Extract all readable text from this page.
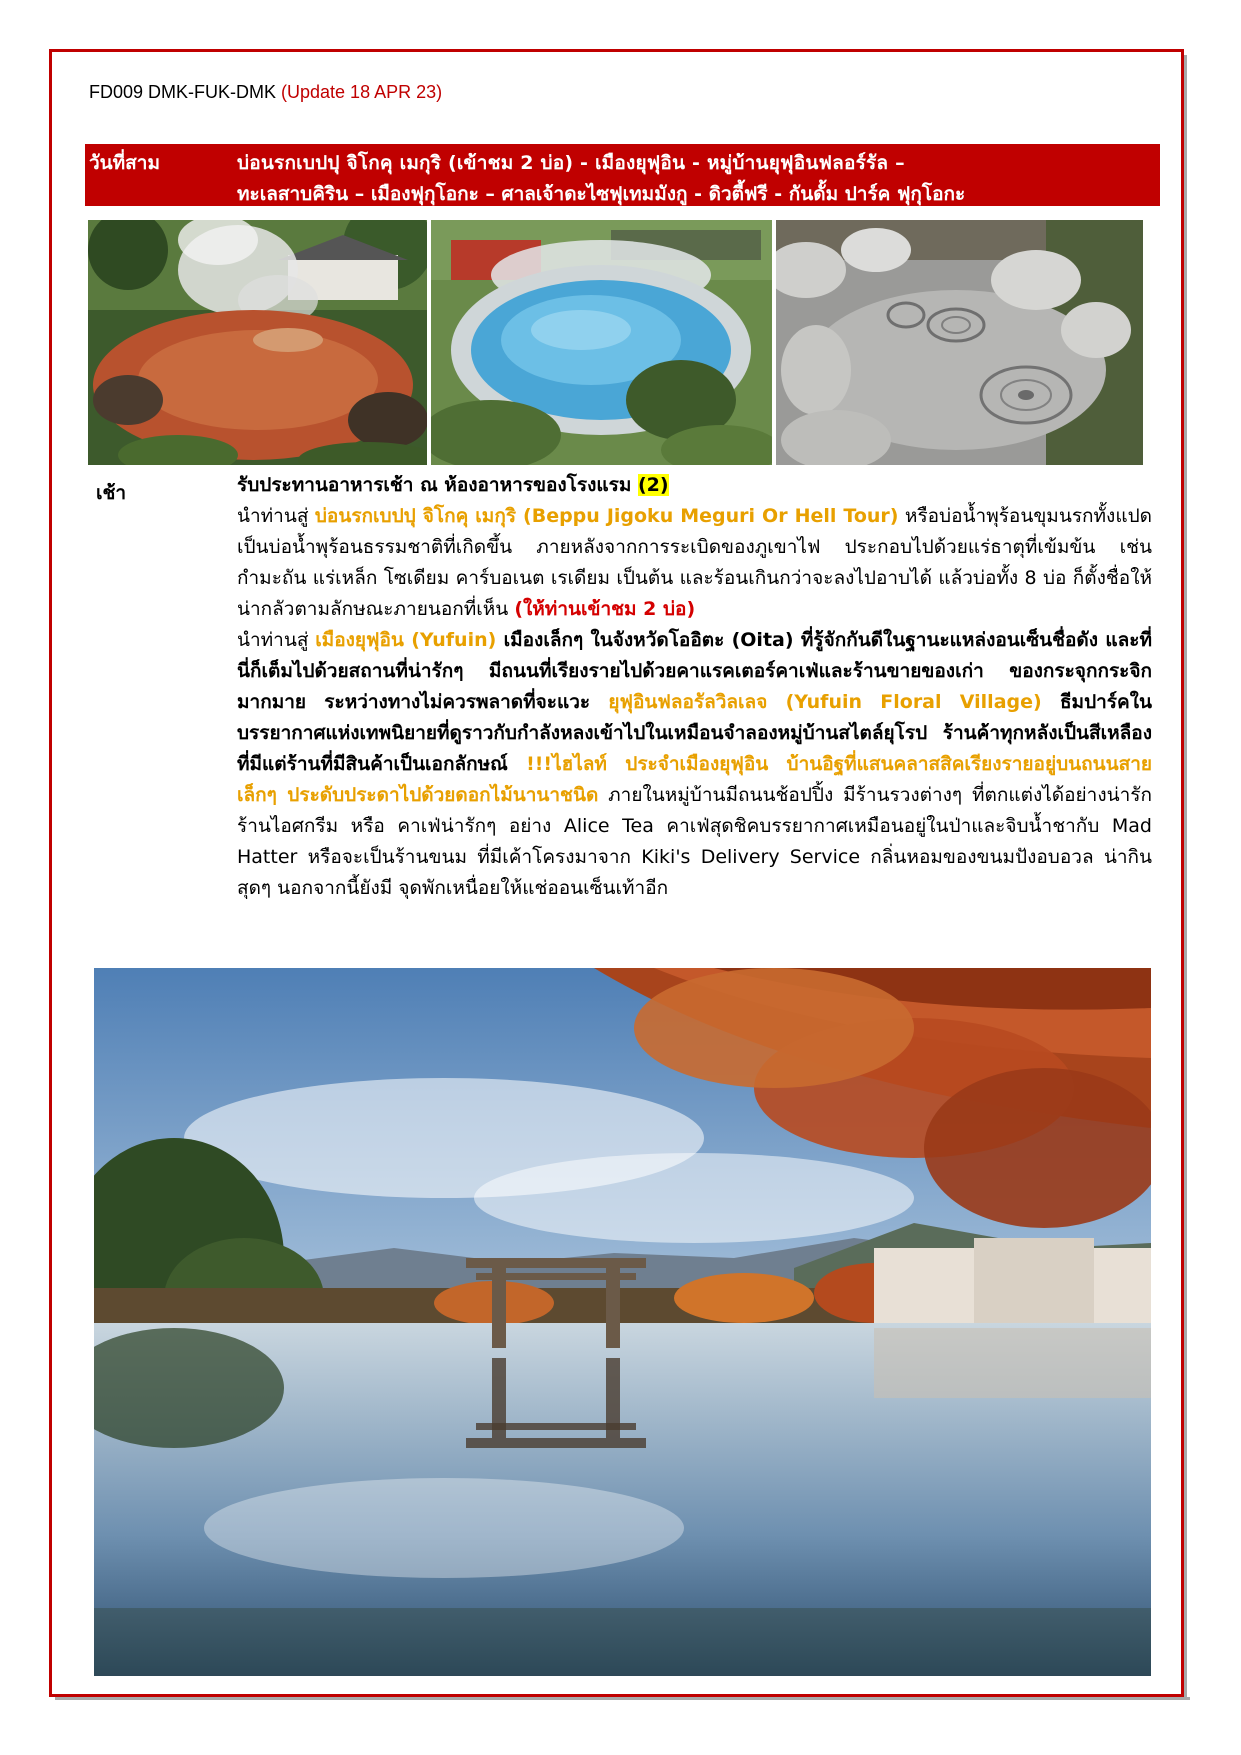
FD009 DMK-FUK-DMK (Update 18 APR 23)
วันที่สาม	บ่อนรกเบปปุ จิโกคุ เมกุริ (เข้าชม 2 บ่อ) - เมืองยุฟุอิน - หมู่บ้านยุฟุอินฟลอร์รัล –
ทะเลสาบคิริน – เมืองฟุกุโอกะ – ศาลเจ้าดะไซฟุเทมมังกู - ดิวตี้ฟรี - กันดั้ม ปาร์ค ฟุกุโอกะ
เช้า	รับประทานอาหารเช้า ณ ห้องอาหารของโรงแรม (2)

นำท่านสู่ บ่อนรกเบปปุ จิโกคุ เมกุริ (Beppu Jigoku Meguri Or Hell Tour) หรือบ่อน้ำพุร้อนขุมนรกทั้งแปด เป็นบ่อน้ำพุร้อนธรรมชาติที่เกิดขึ้น ภายหลังจากการระเบิดของภูเขาไฟ ประกอบไปด้วยแร่ธาตุที่เข้มข้น เช่น กำมะถัน แร่เหล็ก โซเดียม คาร์บอเนต เรเดียม เป็นต้น และร้อนเกินกว่าจะลงไปอาบได้ แล้วบ่อทั้ง 8 บ่อ ก็ตั้งชื่อให้น่ากลัวตามลักษณะภายนอกที่เห็น (ให้ท่านเข้าชม 2 บ่อ)

นำท่านสู่ เมืองยุฟุอิน (Yufuin) เมืองเล็กๆ ในจังหวัดโออิตะ (Oita) ที่รู้จักกันดีในฐานะแหล่งอนเซ็นชื่อดัง และที่นี่ก็เต็มไปด้วยสถานที่น่ารักๆ มีถนนที่เรียงรายไปด้วยคาแรคเตอร์คาเฟ่และร้านขายของเก่า ของกระจุกกระจิกมากมาย ระหว่างทางไม่ควรพลาดที่จะแวะ ยุฟุอินฟลอรัลวิลเลจ (Yufuin Floral Village) ธีมปาร์คในบรรยากาศแห่งเทพนิยายที่ดูราวกับกำลังหลงเข้าไปในเหมือนจำลองหมู่บ้านสไตล์ยุโรป ร้านค้าทุกหลังเป็นสีเหลืองที่มีแต่ร้านที่มีสินค้าเป็นเอกลักษณ์ !!!ไฮไลท์ ประจำเมืองยุฟุอิน บ้านอิฐที่แสนคลาสสิคเรียงรายอยู่บนถนนสายเล็กๆ ประดับประดาไปด้วยดอกไม้นานาชนิด ภายในหมู่บ้านมีถนนช้อปปิ้ง มีร้านรวงต่างๆ ที่ตกแต่งได้อย่างน่ารัก ร้านไอศกรีม หรือ คาเฟ่น่ารักๆ อย่าง Alice Tea คาเฟ่สุดชิคบรรยากาศเหมือนอยู่ในป่าและจิบน้ำชากับ Mad Hatter หรือจะเป็นร้านขนม ที่มีเค้าโครงมาจาก Kiki's Delivery Service กลิ่นหอมของขนมปังอบอวล น่ากินสุดๆ นอกจากนี้ยังมี จุดพักเหนื่อยให้แช่ออนเซ็นเท้าอีก
